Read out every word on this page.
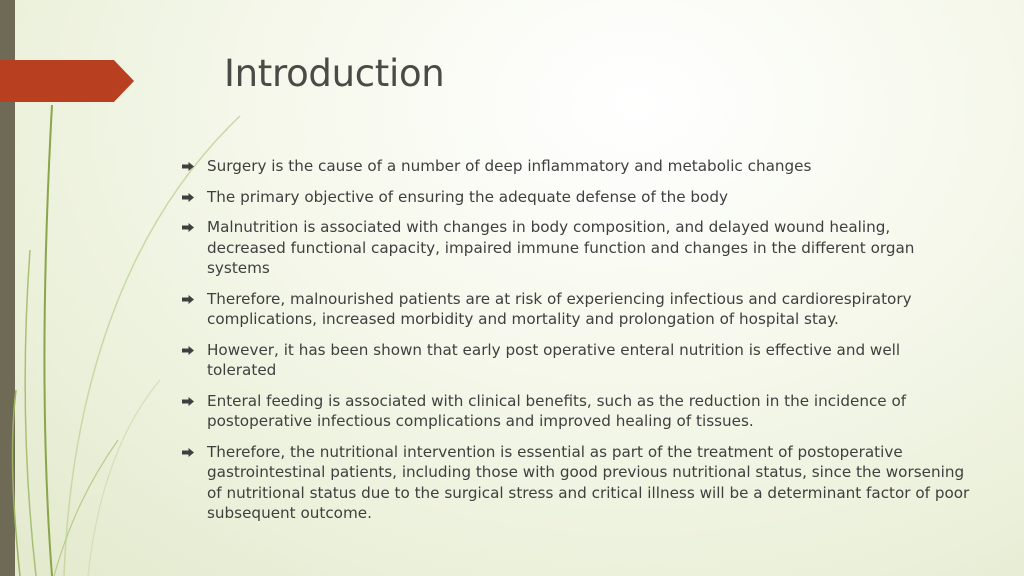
Introduction
Surgery is the cause of a number of deep inflammatory and metabolic changes
The primary objective of ensuring the adequate defense of the body
Malnutrition is associated with changes in body composition, and delayed wound healing, decreased functional capacity, impaired immune function and changes in the different organ systems
Therefore, malnourished patients are at risk of experiencing infectious and cardiorespiratory complications, increased morbidity and mortality and prolongation of hospital stay.
However, it has been shown that early post operative enteral nutrition is effective and well tolerated
Enteral feeding is associated with clinical benefits, such as the reduction in the incidence of postoperative infectious complications and improved healing of tissues.
Therefore, the nutritional intervention is essential as part of the treatment of postoperative gastrointestinal patients, including those with good previous nutritional status, since the worsening of nutritional status due to the surgical stress and critical illness will be a determinant factor of poor subsequent outcome.
